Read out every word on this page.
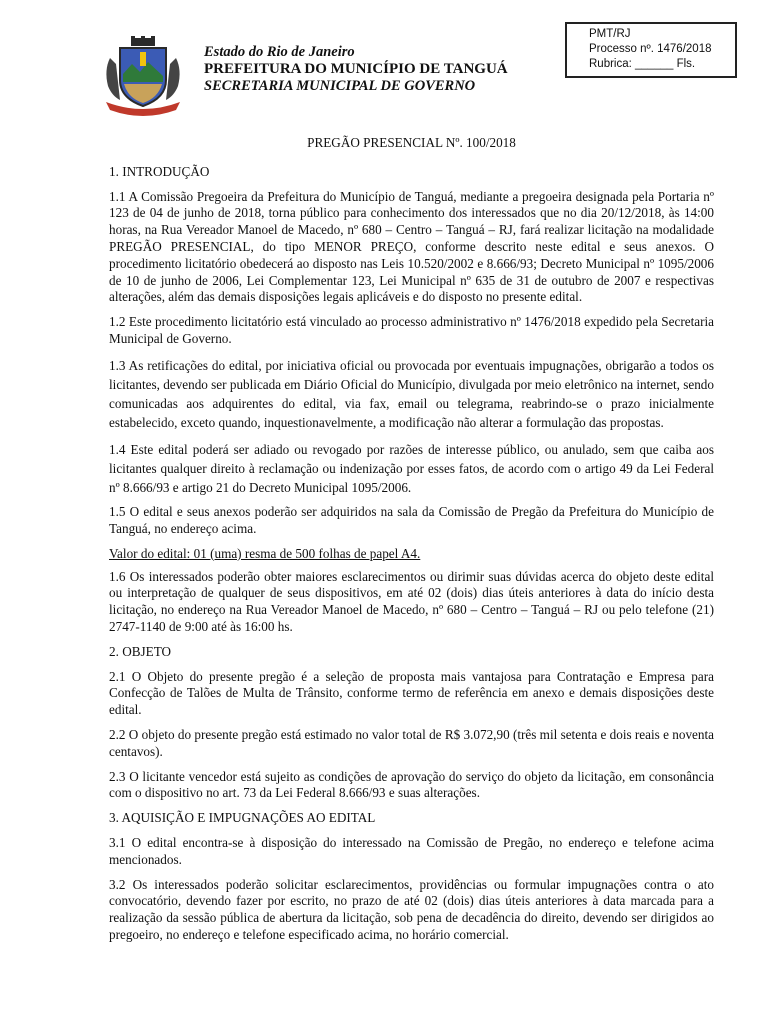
PMT/RJ
Processo nº. 1476/2018
Rubrica: ______ Fls.
Estado do Rio de Janeiro
PREFEITURA DO MUNICÍPIO DE TANGUÁ
SECRETARIA MUNICIPAL DE GOVERNO

PREGÃO PRESENCIAL Nº. 100/2018

1. INTRODUÇÃO

1.1 A Comissão Pregoeira da Prefeitura do Município de Tanguá, mediante a pregoeira designada pela Portaria nº 123 de 04 de junho de 2018, torna público para conhecimento dos interessados que no dia 20/12/2018, às 14:00 horas, na Rua Vereador Manoel de Macedo, nº 680 – Centro – Tanguá – RJ, fará realizar licitação na modalidade PREGÃO PRESENCIAL, do tipo MENOR PREÇO, conforme descrito neste edital e seus anexos. O procedimento licitatório obedecerá ao disposto nas Leis 10.520/2002 e 8.666/93; Decreto Municipal nº 1095/2006 de 10 de junho de 2006, Lei Complementar 123, Lei Municipal nº 635 de 31 de outubro de 2007 e respectivas alterações, além das demais disposições legais aplicáveis e do disposto no presente edital.

1.2 Este procedimento licitatório está vinculado ao processo administrativo nº 1476/2018 expedido pela Secretaria Municipal de Governo.

1.3 As retificações do edital, por iniciativa oficial ou provocada por eventuais impugnações, obrigarão a todos os licitantes, devendo ser publicada em Diário Oficial do Município, divulgada por meio eletrônico na internet, sendo comunicadas aos adquirentes do edital, via fax, email ou telegrama, reabrindo-se o prazo inicialmente estabelecido, exceto quando, inquestionavelmente, a modificação não alterar a formulação das propostas.

1.4 Este edital poderá ser adiado ou revogado por razões de interesse público, ou anulado, sem que caiba aos licitantes qualquer direito à reclamação ou indenização por esses fatos, de acordo com o artigo 49 da Lei Federal nº 8.666/93 e artigo 21 do Decreto Municipal 1095/2006.

1.5 O edital e seus anexos poderão ser adquiridos na sala da Comissão de Pregão da Prefeitura do Município de Tanguá, no endereço acima.

Valor do edital: 01 (uma) resma de 500 folhas de papel A4.

1.6 Os interessados poderão obter maiores esclarecimentos ou dirimir suas dúvidas acerca do objeto deste edital ou interpretação de qualquer de seus dispositivos, em até 02 (dois) dias úteis anteriores à data do início desta licitação, no endereço na Rua Vereador Manoel de Macedo, nº 680 – Centro – Tanguá – RJ ou pelo telefone (21) 2747-1140 de 9:00 até às 16:00 hs.

2. OBJETO

2.1 O Objeto do presente pregão é a seleção de proposta mais vantajosa para Contratação e Empresa para Confecção de Talões de Multa de Trânsito, conforme termo de referência em anexo e demais disposições deste edital.

2.2 O objeto do presente pregão está estimado no valor total de R$ 3.072,90 (três mil setenta e dois reais e noventa centavos).

2.3 O licitante vencedor está sujeito as condições de aprovação do serviço do objeto da licitação, em consonância com o dispositivo no art. 73 da Lei Federal 8.666/93 e suas alterações.

3. AQUISIÇÃO E IMPUGNAÇÕES AO EDITAL

3.1 O edital encontra-se à disposição do interessado na Comissão de Pregão, no endereço e telefone acima mencionados.

3.2 Os interessados poderão solicitar esclarecimentos, providências ou formular impugnações contra o ato convocatório, devendo fazer por escrito, no prazo de até 02 (dois) dias úteis anteriores à data marcada para a realização da sessão pública de abertura da licitação, sob pena de decadência do direito, devendo ser dirigidos ao pregoeiro, no endereço e telefone especificado acima, no horário comercial.
